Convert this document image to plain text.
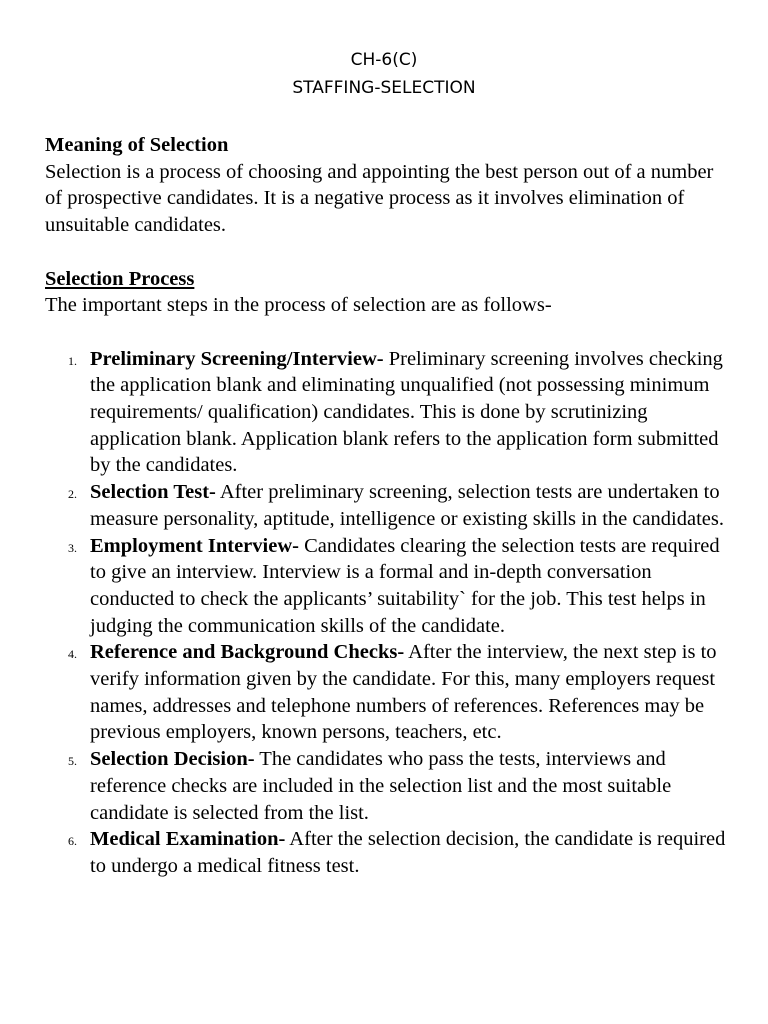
CH-6(C)
STAFFING-SELECTION
Meaning of Selection

Selection is a process of choosing and appointing the best person out of a number of prospective candidates. It is a negative process as it involves elimination of unsuitable candidates.

Selection Process

The important steps in the process of selection are as follows-

1. Preliminary Screening/Interview- Preliminary screening involves checking the application blank and eliminating unqualified (not possessing minimum requirements/ qualification) candidates. This is done by scrutinizing application blank. Application blank refers to the application form submitted by the candidates.
2. Selection Test- After preliminary screening, selection tests are undertaken to measure personality, aptitude, intelligence or existing skills in the candidates.
3. Employment Interview- Candidates clearing the selection tests are required to give an interview. Interview is a formal and in-depth conversation conducted to check the applicants’ suitability` for the job. This test helps in judging the communication skills of the candidate.
4. Reference and Background Checks- After the interview, the next step is to verify information given by the candidate. For this, many employers request names, addresses and telephone numbers of references. References may be previous employers, known persons, teachers, etc.
5. Selection Decision- The candidates who pass the tests, interviews and reference checks are included in the selection list and the most suitable candidate is selected from the list.
6. Medical Examination- After the selection decision, the candidate is required to undergo a medical fitness test.
